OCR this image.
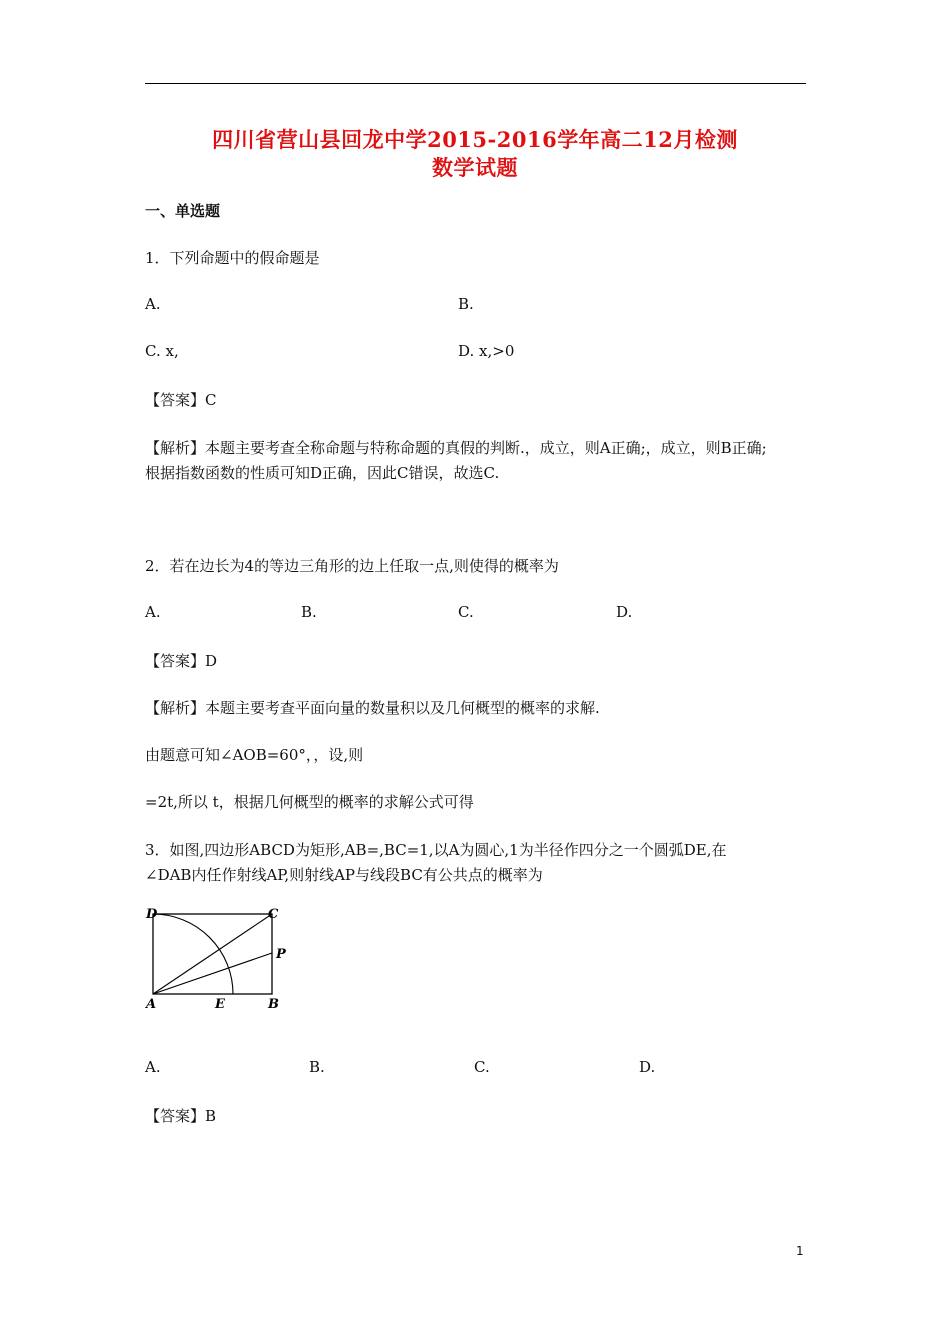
四川省营山县回龙中学2015-2016学年高二12月检测
数学试题
一、单选题
1．下列命题中的假命题是
A.	B.
C. x,	D. x,>0
【答案】C
【解析】本题主要考查全称命题与特称命题的真假的判断.，成立，则A正确;，成立，则B正确;
根据指数函数的性质可知D正确，因此C错误，故选C.
2．若在边长为4的等边三角形的边上任取一点,则使得的概率为
A.	B.	C.	D.
【答案】D
【解析】本题主要考查平面向量的数量积以及几何概型的概率的求解.
由题意可知∠AOB=60°，，设,则
=2t,所以 t，根据几何概型的概率的求解公式可得
3．如图,四边形ABCD为矩形,AB=,BC=1,以A为圆心,1为半径作四分之一个圆弧DE,在
∠DAB内任作射线AP,则射线AP与线段BC有公共点的概率为
D	C
P
A	E	B
A.	B.	C.	D.
【答案】B
1
